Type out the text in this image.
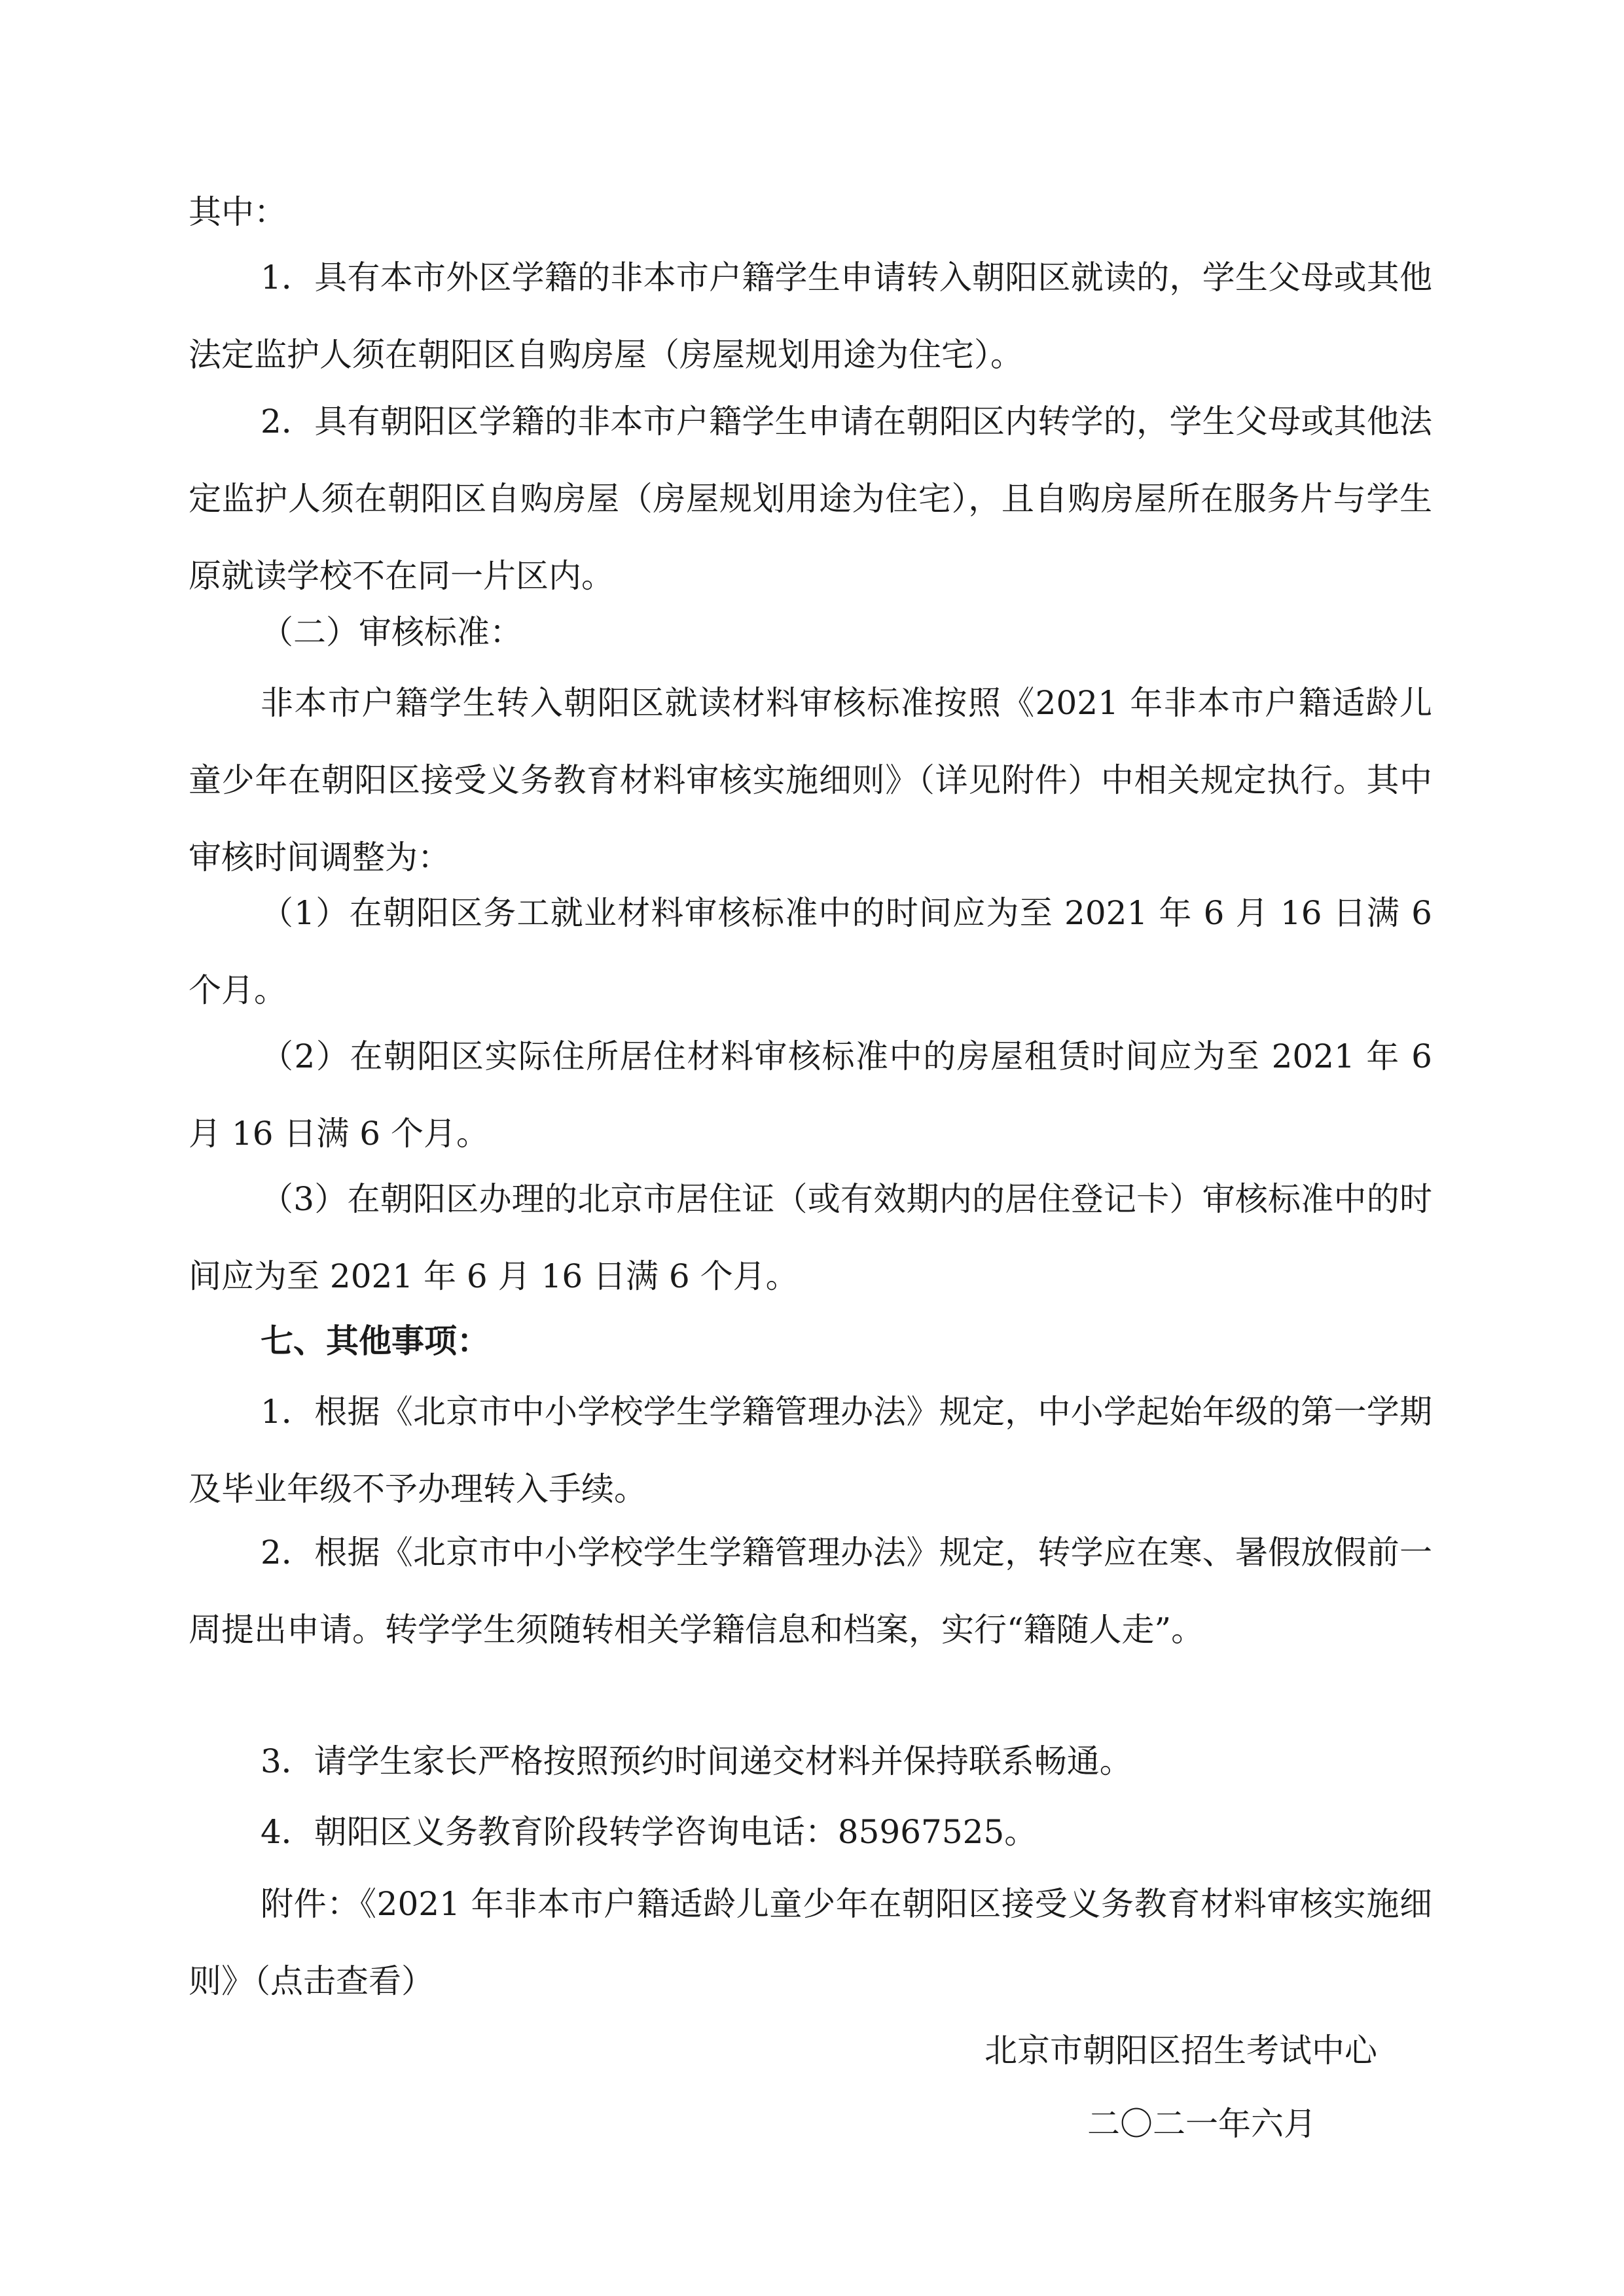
其中：

1．具有本市外区学籍的非本市户籍学生申请转入朝阳区就读的，学生父母或其他法定监护人须在朝阳区自购房屋（房屋规划用途为住宅）。

2．具有朝阳区学籍的非本市户籍学生申请在朝阳区内转学的，学生父母或其他法定监护人须在朝阳区自购房屋（房屋规划用途为住宅），且自购房屋所在服务片与学生原就读学校不在同一片区内。

（二）审核标准：

非本市户籍学生转入朝阳区就读材料审核标准按照《2021 年非本市户籍适龄儿童少年在朝阳区接受义务教育材料审核实施细则》（详见附件）中相关规定执行。其中审核时间调整为：

（1）在朝阳区务工就业材料审核标准中的时间应为至 2021 年 6 月 16 日满 6 个月。

（2）在朝阳区实际住所居住材料审核标准中的房屋租赁时间应为至 2021 年 6 月 16 日满 6 个月。

（3）在朝阳区办理的北京市居住证（或有效期内的居住登记卡）审核标准中的时间应为至 2021 年 6 月 16 日满 6 个月。

七、其他事项：

1．根据《北京市中小学校学生学籍管理办法》规定，中小学起始年级的第一学期及毕业年级不予办理转入手续。

2．根据《北京市中小学校学生学籍管理办法》规定，转学应在寒、暑假放假前一周提出申请。转学学生须随转相关学籍信息和档案，实行“籍随人走”。

3．请学生家长严格按照预约时间递交材料并保持联系畅通。

4．朝阳区义务教育阶段转学咨询电话：85967525。

附件：《2021 年非本市户籍适龄儿童少年在朝阳区接受义务教育材料审核实施细则》（点击查看）

北京市朝阳区招生考试中心

二〇二一年六月
